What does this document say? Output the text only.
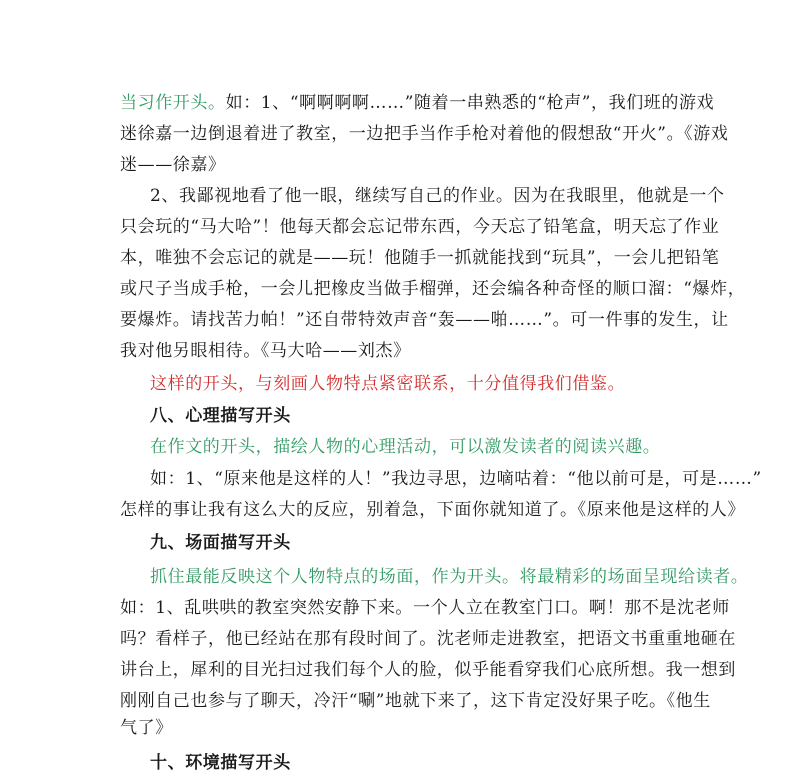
当习作开头。如：1、“啊啊啊啊……”随着一串熟悉的“枪声”，我们班的游戏
迷徐嘉一边倒退着进了教室，一边把手当作手枪对着他的假想敌“开火”。《游戏
迷——徐嘉》
2、我鄙视地看了他一眼，继续写自己的作业。因为在我眼里，他就是一个
只会玩的“马大哈”！他每天都会忘记带东西，今天忘了铅笔盒，明天忘了作业
本，唯独不会忘记的就是——玩！他随手一抓就能找到“玩具”，一会儿把铅笔
或尺子当成手枪，一会儿把橡皮当做手榴弹，还会编各种奇怪的顺口溜：“爆炸，
要爆炸。请找苦力帕！”还自带特效声音“轰——啪……”。可一件事的发生，让
我对他另眼相待。《马大哈——刘杰》
这样的开头，与刻画人物特点紧密联系，十分值得我们借鉴。
八、心理描写开头
在作文的开头，描绘人物的心理活动，可以激发读者的阅读兴趣。
如：1、“原来他是这样的人！”我边寻思，边嘀咕着：“他以前可是，可是……”
怎样的事让我有这么大的反应，别着急，下面你就知道了。《原来他是这样的人》
九、场面描写开头
抓住最能反映这个人物特点的场面，作为开头。将最精彩的场面呈现给读者。
如：1、乱哄哄的教室突然安静下来。一个人立在教室门口。啊！那不是沈老师
吗？看样子，他已经站在那有段时间了。沈老师走进教室，把语文书重重地砸在
讲台上，犀利的目光扫过我们每个人的脸，似乎能看穿我们心底所想。我一想到
刚刚自己也参与了聊天，冷汗“唰”地就下来了，这下肯定没好果子吃。《他生
气了》
十、环境描写开头
